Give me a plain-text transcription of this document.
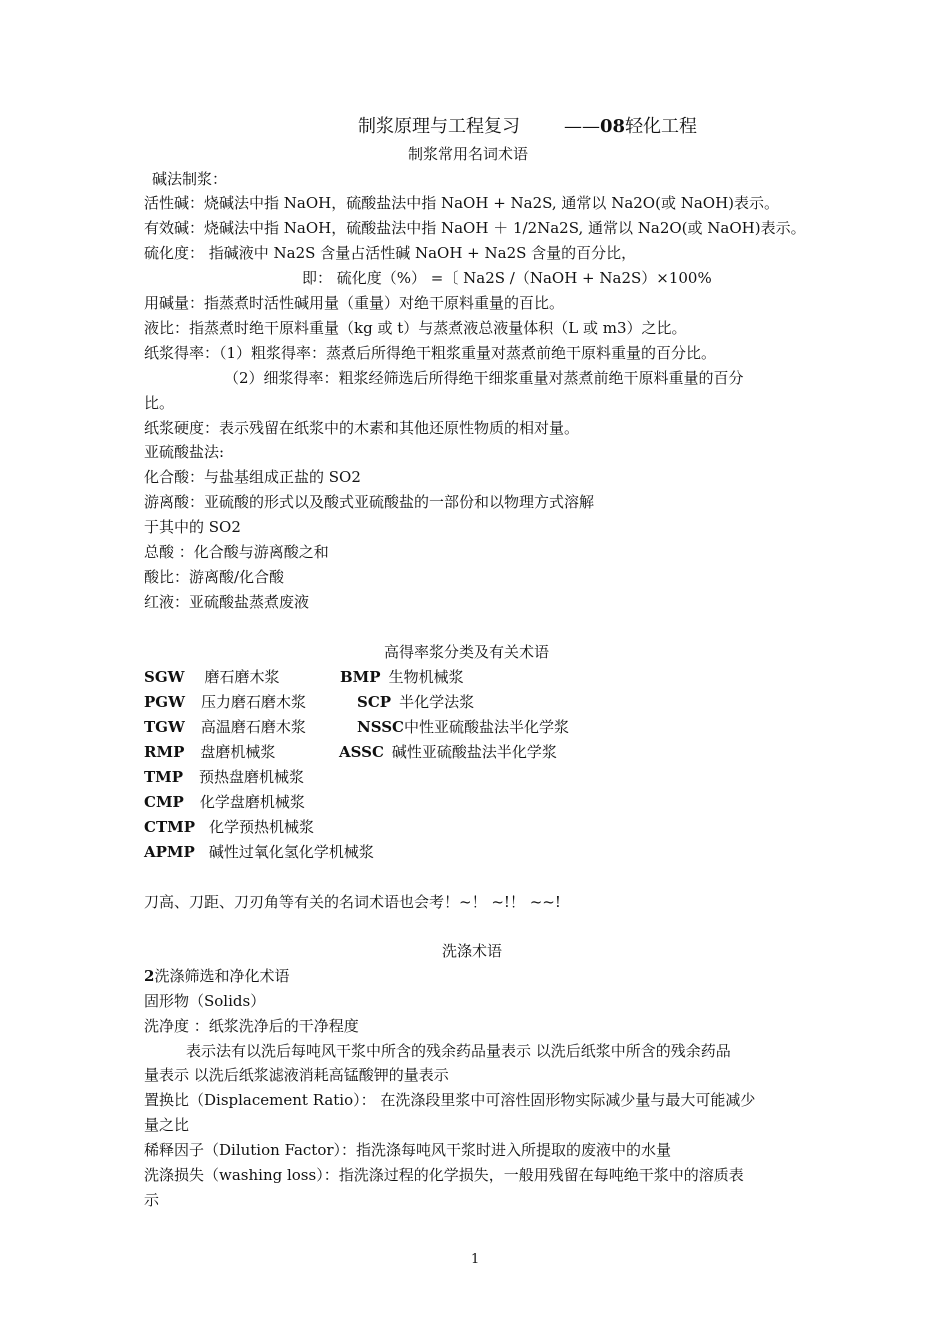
制浆原理与工程复习 ——08轻化工程
制浆常用名词术语
碱法制浆：
活性碱：烧碱法中指 NaOH，硫酸盐法中指 NaOH + Na2S, 通常以 Na2O(或 NaOH)表示。
有效碱：烧碱法中指 NaOH，硫酸盐法中指 NaOH ＋ 1/2Na2S, 通常以 Na2O(或 NaOH)表示。
硫化度： 指碱液中 Na2S 含量占活性碱 NaOH + Na2S 含量的百分比，
即： 硫化度（%） =〔 Na2S /（NaOH + Na2S）×100%
用碱量：指蒸煮时活性碱用量（重量）对绝干原料重量的百比。
液比：指蒸煮时绝干原料重量（kg 或 t）与蒸煮液总液量体积（L 或 m3）之比。
纸浆得率：（1）粗浆得率：蒸煮后所得绝干粗浆重量对蒸煮前绝干原料重量的百分比。
（2）细浆得率：粗浆经筛选后所得绝干细浆重量对蒸煮前绝干原料重量的百分
比。
纸浆硬度：表示残留在纸浆中的木素和其他还原性物质的相对量。
亚硫酸盐法:
化合酸：与盐基组成正盐的 SO2
游离酸：亚硫酸的形式以及酸式亚硫酸盐的一部份和以物理方式溶解
于其中的 SO2
总酸 ：化合酸与游离酸之和
酸比：游离酸/化合酸
红液：亚硫酸盐蒸煮废液
高得率浆分类及有关术语
SGW 磨石磨木浆
PGW 压力磨石磨木浆
TGW 高温磨石磨木浆
RMP 盘磨机械浆
TMP 预热盘磨机械浆
CMP 化学盘磨机械浆
CTMP 化学预热机械浆
APMP 碱性过氧化氢化学机械浆
BMP 生物机械浆
SCP 半化学法浆
NSSC中性亚硫酸盐法半化学浆
ASSC 碱性亚硫酸盐法半化学浆
刀高、刀距、刀刃角等有关的名词术语也会考！~！ ~!！ ~~!
洗涤术语
2洗涤筛选和净化术语
固形物（Solids）
洗净度 ：纸浆洗净后的干净程度
表示法有以洗后每吨风干浆中所含的残余药品量表示 以洗后纸浆中所含的残余药品
量表示 以洗后纸浆滤液消耗高锰酸钾的量表示
置换比（Displacement Ratio）： 在洗涤段里浆中可溶性固形物实际减少量与最大可能减少
量之比
稀释因子（Dilution Factor）：指洗涤每吨风干浆时进入所提取的废液中的水量
洗涤损失（washing loss）：指洗涤过程的化学损失，一般用残留在每吨绝干浆中的溶质表
示
1
